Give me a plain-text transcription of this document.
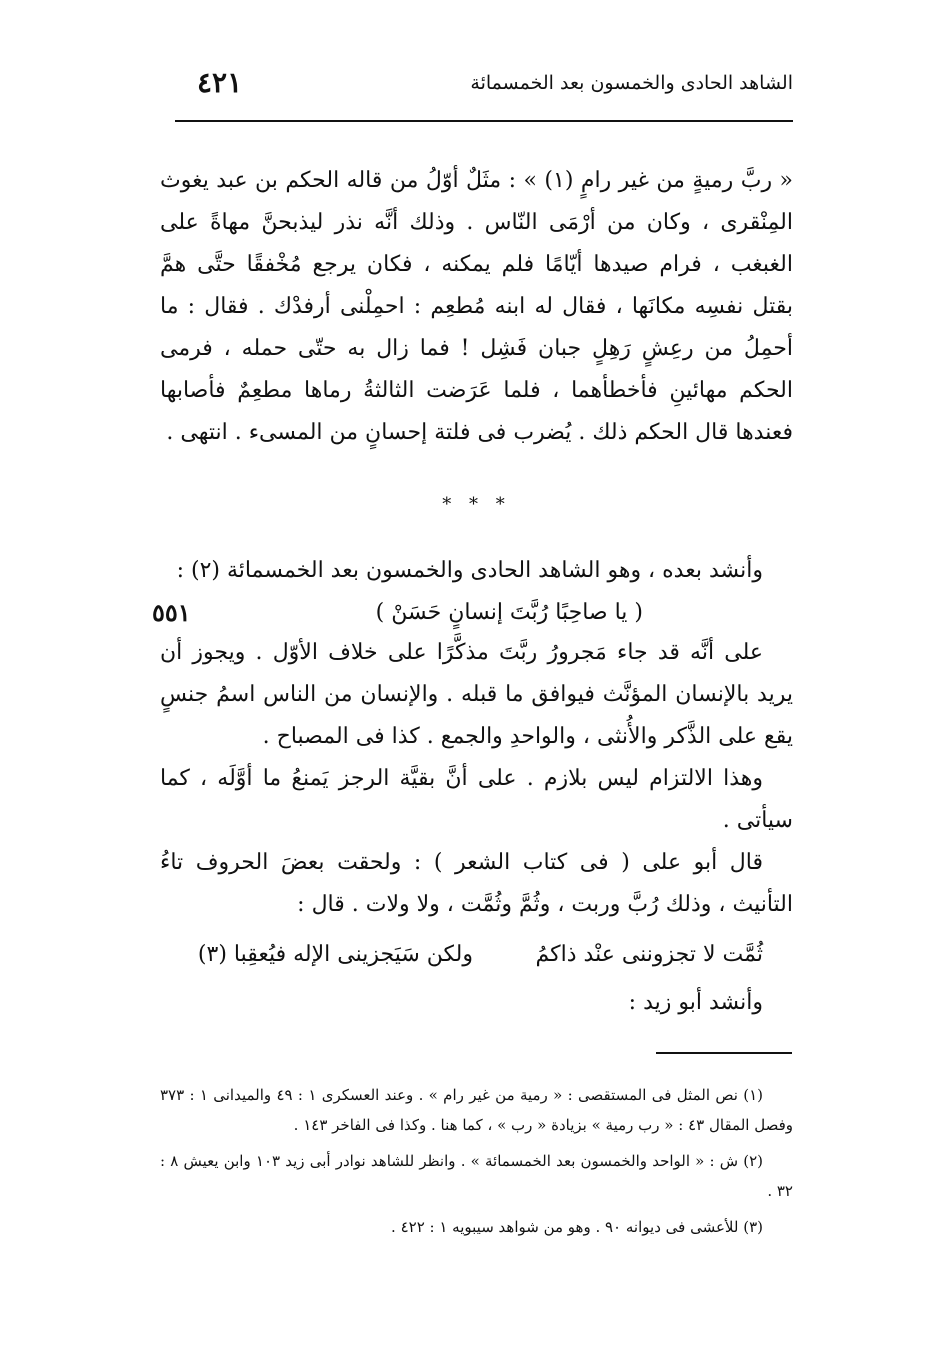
الشاهد الحادى والخمسون بعد الخمسمائة
٤٢١

« ربَّ رميةٍ من غير رامٍ (١) » : مثَلٌ أوّلُ من قاله الحكم بن عبد يغوث المِنْقرى ، وكان من أرْمَى النّاس . وذلك أنَّه نذر ليذبحنَّ مهاةً على الغبغب ، فرام صيدها أيّامًا فلم يمكنه ، فكان يرجع مُخْفقًا حتَّى همَّ بقتل نفسِه مكانَها ، فقال له ابنه مُطعِم : احمِلْنى أرفدْك . فقال : ما أحمِلُ من رعِشٍ رَهِلٍ جبان فَشِل ! فما زال به حتّى حمله ، فرمى الحكم مهائينِ فأخطأهما ، فلما عَرَضت الثالثةُ رماها مطعِمٌ فأصابها فعندها قال الحكم ذلك . يُضرب فى فلتة إحسانٍ من المسىء . انتهى .

* * *

وأنشد بعده ، وهو الشاهد الحادى والخمسون بعد الخمسمائة (٢) :

٥٥١	( يا صاحِبًا رُبَّتَ إنسانٍ حَسَنْ )

على أنَّه قد جاء مَجرورُ ربَّتَ مذكَّرًا على خلاف الأوّل . ويجوز أن يريد بالإنسان المؤنَّث فيوافق ما قبله . والإنسان من الناس اسمُ جنسٍ يقع على الذَّكر والأُنثى ، والواحدِ والجمع . كذا فى المصباح .

وهذا الالتزام ليس بلازم . على أنَّ بقيَّة الرجز يَمنعُ ما أوَّلَه ، كما سيأتى .

قال أبو على ( فى كتاب الشعر ) : ولحقت بعضَ الحروف تاءُ التأنيث ، وذلك رُبَّ وربت ، وثُمَّ وثُمَّت ، ولا ولات . قال :

ثُمَّت لا تجزوننى عنْد ذاكمُ
ولكن سَيَجزينى الإله فيُعقِبا (٣)

وأنشد أبو زيد :

(١) نص المثل فى المستقصى : « رمية من غير رام » . وعند العسكرى ١ : ٤٩ والميدانى ١ : ٣٧٣ وفصل المقال ٤٣ : « رب رمية » بزيادة « رب » ، كما هنا . وكذا فى الفاخر ١٤٣ .

(٢) ش : « الواحد والخمسون بعد الخمسمائة » . وانظر للشاهد نوادر أبى زيد ١٠٣ وابن يعيش ٨ : ٣٢ .

(٣) للأعشى فى ديوانه ٩٠ . وهو من شواهد سيبويه ١ : ٤٢٢ .
